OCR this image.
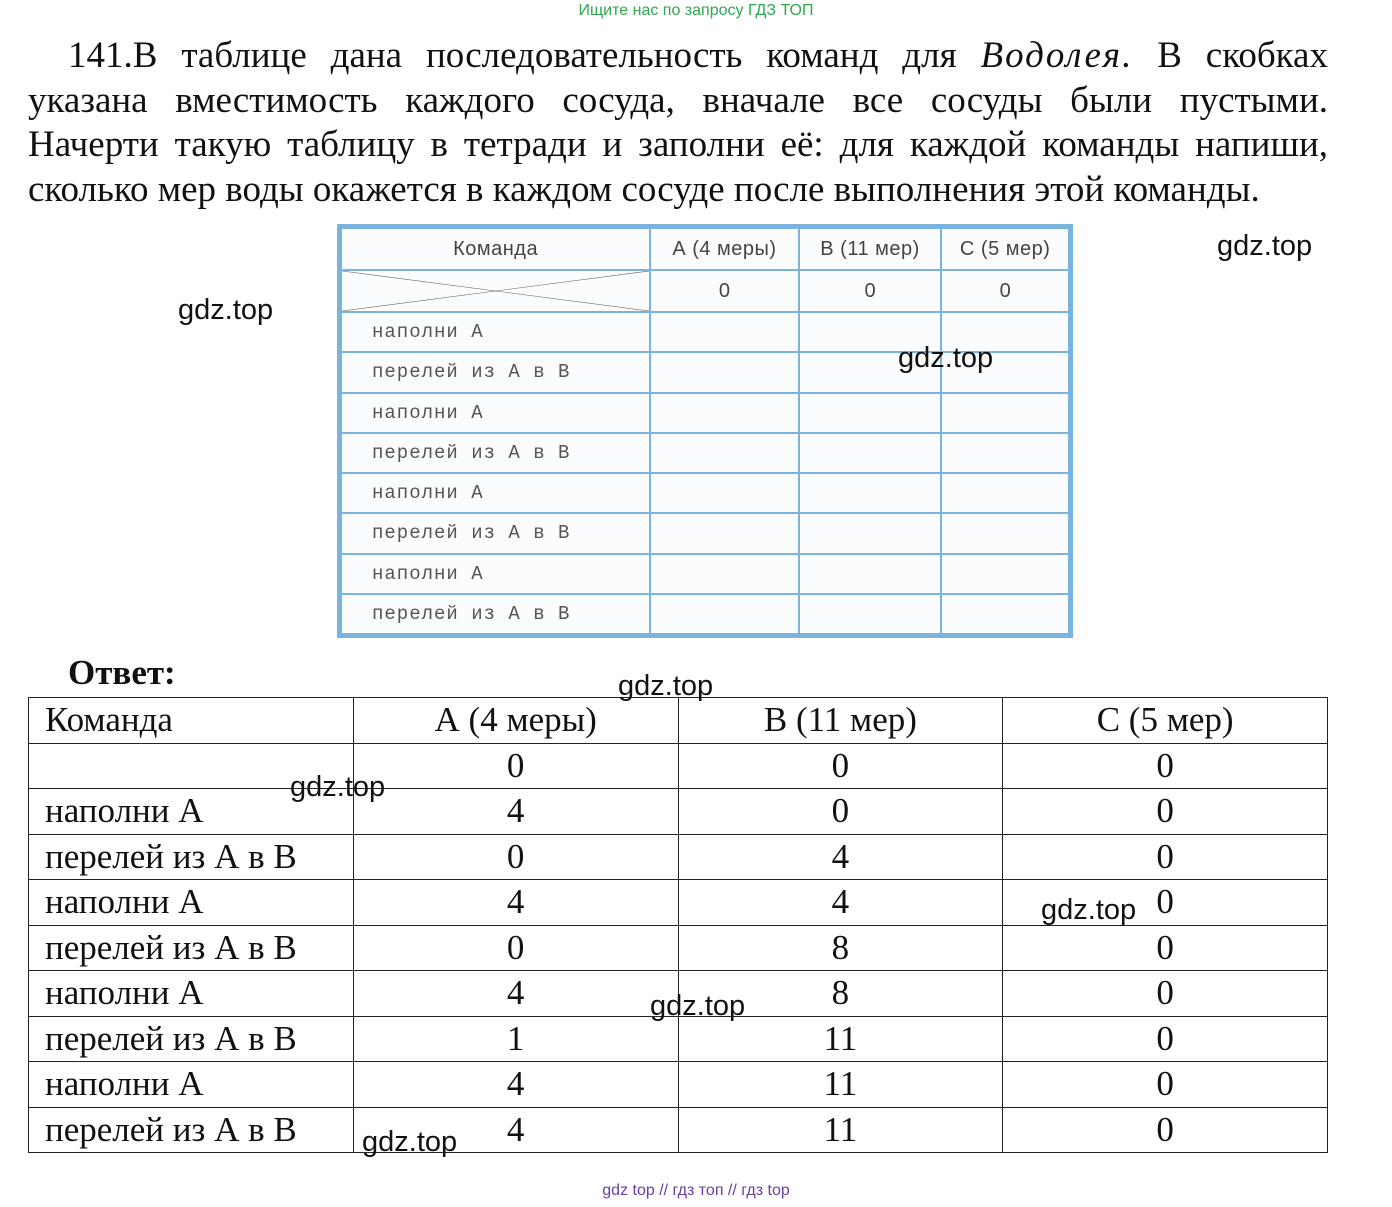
Ищите нас по запросу ГДЗ ТОП
141.В таблице дана последовательность команд для Водолея. В скобках
указана вместимость каждого сосуда, вначале все сосуды были пустыми.
Начерти такую таблицу в тетради и заполни её: для каждой команды напиши,
сколько мер воды окажется в каждом сосуде после выполнения этой команды.
Команда	А (4 меры)	В (11 мер)	С (5 мер)

	0	0	0
наполни А			
перелей из А в В			
наполни А			
перелей из А в В			
наполни А			
перелей из А в В			
наполни А			
перелей из А в В			
Ответ:
Команда	А (4 меры)	В (11 мер)	С (5 мер)
	0	0	0
наполни А	4	0	0
перелей из А в В	0	4	0
наполни А	4	4	0
перелей из А в В	0	8	0
наполни А	4	8	0
перелей из А в В	1	11	0
наполни А	4	11	0
перелей из А в В	4	11	0
gdz.top
gdz.top
gdz.top
gdz.top
gdz.top
gdz.top
gdz.top
gdz.top
gdz top // гдз топ // гдз top
